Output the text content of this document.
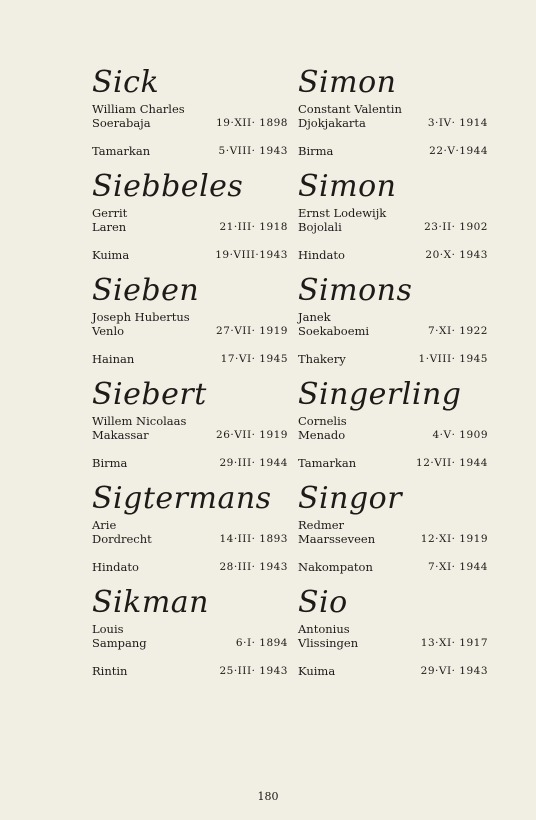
Sick
William Charles
Soerabaja	19·XII· 1898
Tamarkan	5·VIII· 1943
Siebbeles
Gerrit
Laren	21·III· 1918
Kuima	19·VIII·1943
Sieben
Joseph Hubertus
Venlo	27·VII· 1919
Hainan	17·VI· 1945
Siebert
Willem Nicolaas
Makassar	26·VII· 1919
Birma	29·III· 1944
Sigtermans
Arie
Dordrecht	14·III· 1893
Hindato	28·III· 1943
Sikman
Louis
Sampang	6·I· 1894
Rintin	25·III· 1943
Simon
Constant Valentin
Djokjakarta	3·IV· 1914
Birma	22·V·1944
Simon
Ernst Lodewijk
Bojolali	23·II· 1902
Hindato	20·X· 1943
Simons
Janek
Soekaboemi	7·XI· 1922
Thakery	1·VIII· 1945
Singerling
Cornelis
Menado	4·V· 1909
Tamarkan	12·VII· 1944
Singor
Redmer
Maarsseveen	12·XI· 1919
Nakompaton	7·XI· 1944
Sio
Antonius
Vlissingen	13·XI· 1917
Kuima	29·VI· 1943
180
